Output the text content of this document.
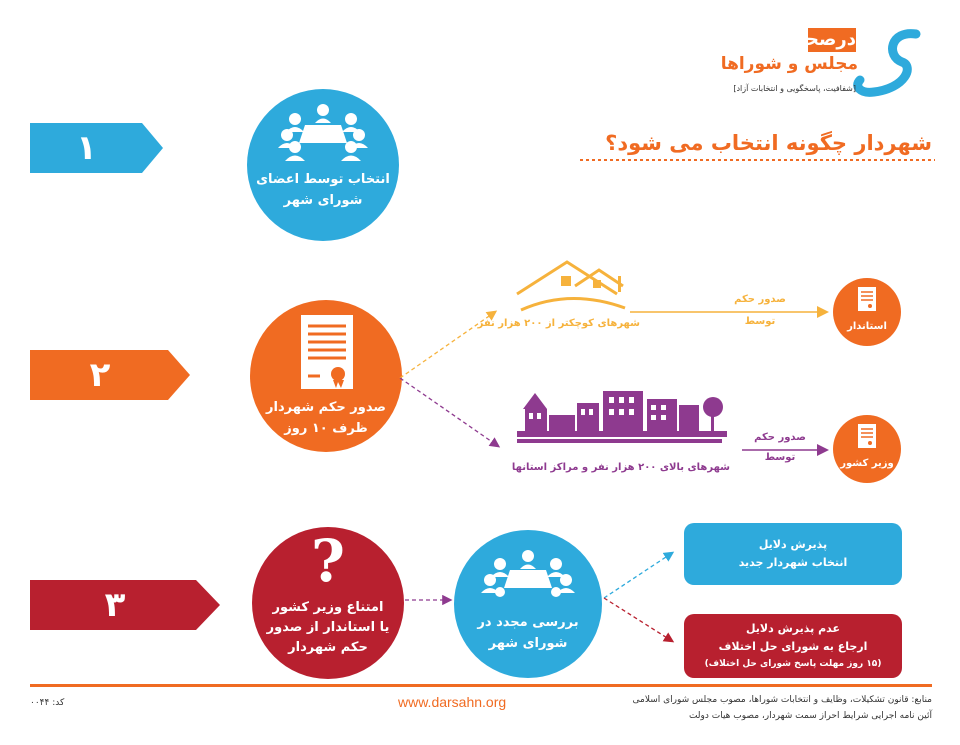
درصحن
مجلس و شوراها
[شفافیت، پاسخگویی و انتخابات آزاد]
شهردار چگونه انتخاب می شود؟
۱
۲
۳
انتخاب توسط اعضای
شورای شهر
صدور حکم شهردار
ظرف ۱۰ روز
?
امتناع وزیر کشور
یا استاندار از صدور
حکم شهردار
بررسی مجدد در
شورای شهر
شهرهای کوچکتر از ۲۰۰ هزار نفر
صدور حکم
توسط	استاندار
شهرهای بالای ۲۰۰ هزار نفر و مراکز استانها
صدور حکم
توسط
وزیر کشور
پذیرش دلایل
انتخاب شهردار جدید
عدم پذیرش دلایل
ارجاع به شورای حل اختلاف
(۱۵ روز مهلت پاسخ شورای حل اختلاف)
کد: ۰۰۴۴	www.darsahn.org	منابع: قانون تشکیلات، وظایف و انتخابات شوراها، مصوب مجلس شورای اسلامی
آئین نامه اجرایی شرایط احراز سمت شهردار، مصوب هیات دولت
